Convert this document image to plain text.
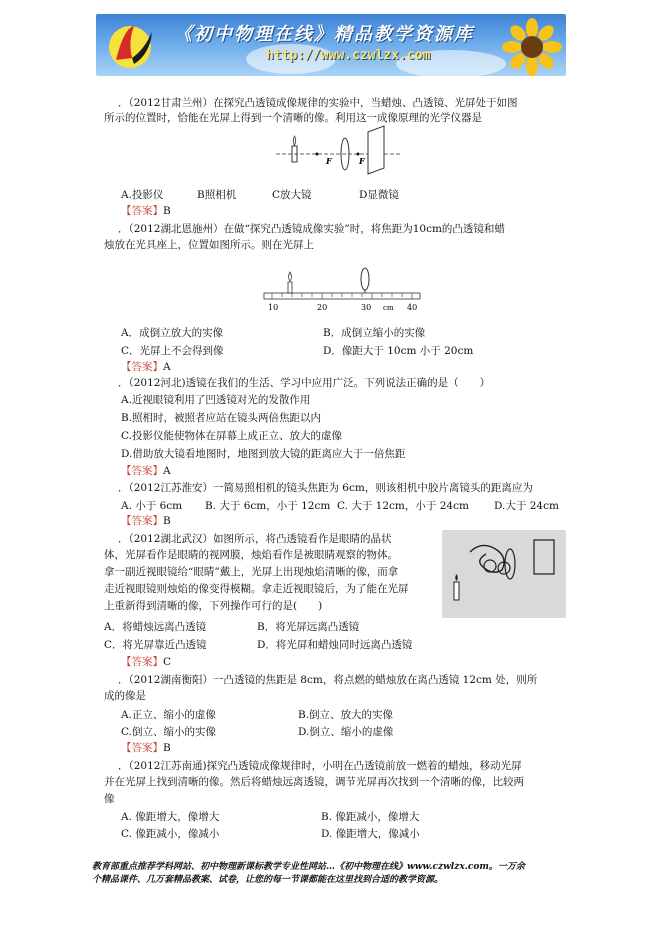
《初中物理在线》精品教学资源库
http://www.czwlzx.com
．（2012甘肃兰州）在探究凸透镜成像规律的实验中，当蜡烛、凸透镜、光屏处于如图
所示的位置时，恰能在光屏上得到一个清晰的像。利用这一成像原理的光学仪器是
F	F
A.投影仪	B照相机	C放大镜	D显微镜
【答案】B
．（2012湖北恩施州）在做“探究凸透镜成像实验”时，将焦距为10cm的凸透镜和蜡
烛放在光具座上，位置如图所示。则在光屏上
10	20	30 cm 40
A．成倒立放大的实像	B．成倒立缩小的实像
C．光屏上不会得到像	D．像距大于 10cm 小于 20cm
【答案】A
．（2012河北)透镜在我们的生活、学习中应用广泛。下列说法正确的是（　　）
A.近视眼镜利用了凹透镜对光的发散作用
B.照相时，被照者应站在镜头两倍焦距以内
C.投影仪能使物体在屏幕上成正立、放大的虚像
D.借助放大镜看地图时，地图到放大镜的距离应大于一倍焦距
【答案】A
．（2012江苏淮安）一简易照相机的镜头焦距为 6cm，则该相机中胶片离镜头的距离应为
A. 小于 6cm B. 大于 6cm，小于 12cm C. 大于 12cm，小于 24cm D.大于 24cm
【答案】B
．（2012湖北武汉）如图所示，将凸透镜看作是眼睛的晶状
体，光屏看作是眼睛的视网膜，烛焰看作是被眼睛观察的物体。
拿一副近视眼镜给“眼睛”戴上，光屏上出现烛焰清晰的像，而拿
走近视眼镜则烛焰的像变得模糊。拿走近视眼镜后，为了能在光屏
上重新得到清晰的像，下列操作可行的是(　　)
A．将蜡烛远离凸透镜	B．将光屏远离凸透镜
C．将光屏靠近凸透镜	D．将光屏和蜡烛同时远离凸透镜
【答案】C
．（2012湖南衡阳）一凸透镜的焦距是 8cm，将点燃的蜡烛放在离凸透镜 12cm 处，则所
成的像是
A.正立、缩小的虚像	B.倒立、放大的实像
C.倒立、缩小的实像	D.倒立、缩小的虚像
【答案】B
．（2012江苏南通)探究凸透镜成像规律时，小明在凸透镜前放一燃着的蜡烛，移动光屏
并在光屏上找到清晰的像。然后将蜡烛远离透镜，调节光屏再次找到一个清晰的像，比较两
像
A. 像距增大，像增大	B. 像距减小，像增大
C. 像距减小，像减小	D. 像距增大，像减小
教育部重点推荐学科网站、初中物理新课标教学专业性网站…《初中物理在线》www.czwlzx.com。一万余
个精品课件、几万套精品教案、试卷，让您的每一节课都能在这里找到合适的教学资源。
